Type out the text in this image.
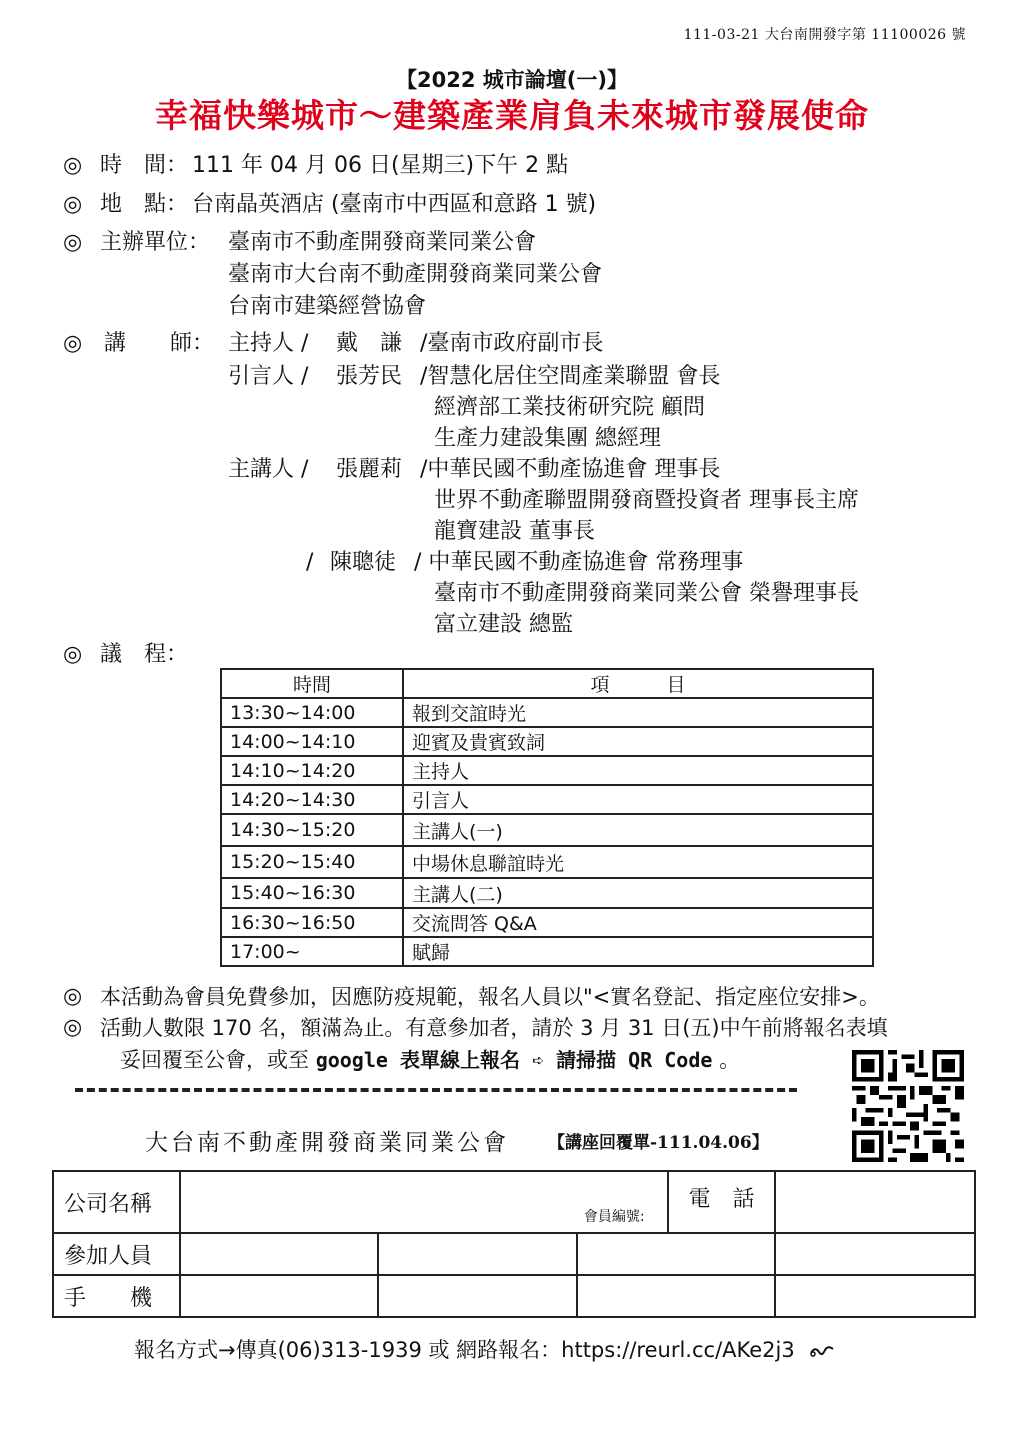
111-03-21 大台南開發字第 11100026 號
【2022 城市論壇(一)】
幸福快樂城市～建築產業肩負未來城市發展使命
◎ 時　間： 111 年 04 月 06 日(星期三)下午 2 點
◎ 地　點： 台南晶英酒店 (臺南市中西區和意路 1 號)
◎ 主辦單位： 臺南市不動產開發商業同業公會
臺南市大台南不動產開發商業同業公會
台南市建築經營協會
◎ 講　　師： 主持人 / 戴　謙 /臺南市政府副市長
引言人 / 張芳民 /智慧化居住空間產業聯盟 會長
經濟部工業技術研究院 顧問
生產力建設集團 總經理
主講人 / 張麗莉 /中華民國不動產協進會 理事長
世界不動產聯盟開發商暨投資者 理事長主席
龍寶建設 董事長
/ 陳聰徒 / 中華民國不動產協進會 常務理事
臺南市不動產開發商業同業公會 榮譽理事長
富立建設 總監
◎ 議　程：
時間	項　　　目
13:30~14:00	報到交誼時光
14:00~14:10	迎賓及貴賓致詞
14:10~14:20	主持人
14:20~14:30	引言人
14:30~15:20	主講人(一)
15:20~15:40	中場休息聯誼時光
15:40~16:30	主講人(二)
16:30~16:50	交流問答 Q&A
17:00~	賦歸
◎ 本活動為會員免費參加，因應防疫規範，報名人員以"<實名登記、指定座位安排>。
◎ 活動人數限 170 名，額滿為止。有意參加者，請於 3 月 31 日(五)中午前將報名表填
妥回覆至公會，或至 google 表單線上報名 ➪ 請掃描 QR Code 。
大台南不動產開發商業同業公會 【講座回覆單-111.04.06】
公司名稱	會員編號:			電　話	
參加人員					
手　　機					
報名方式→傳真(06)313-1939 或 網路報名：https://reurl.cc/AKe2j3
